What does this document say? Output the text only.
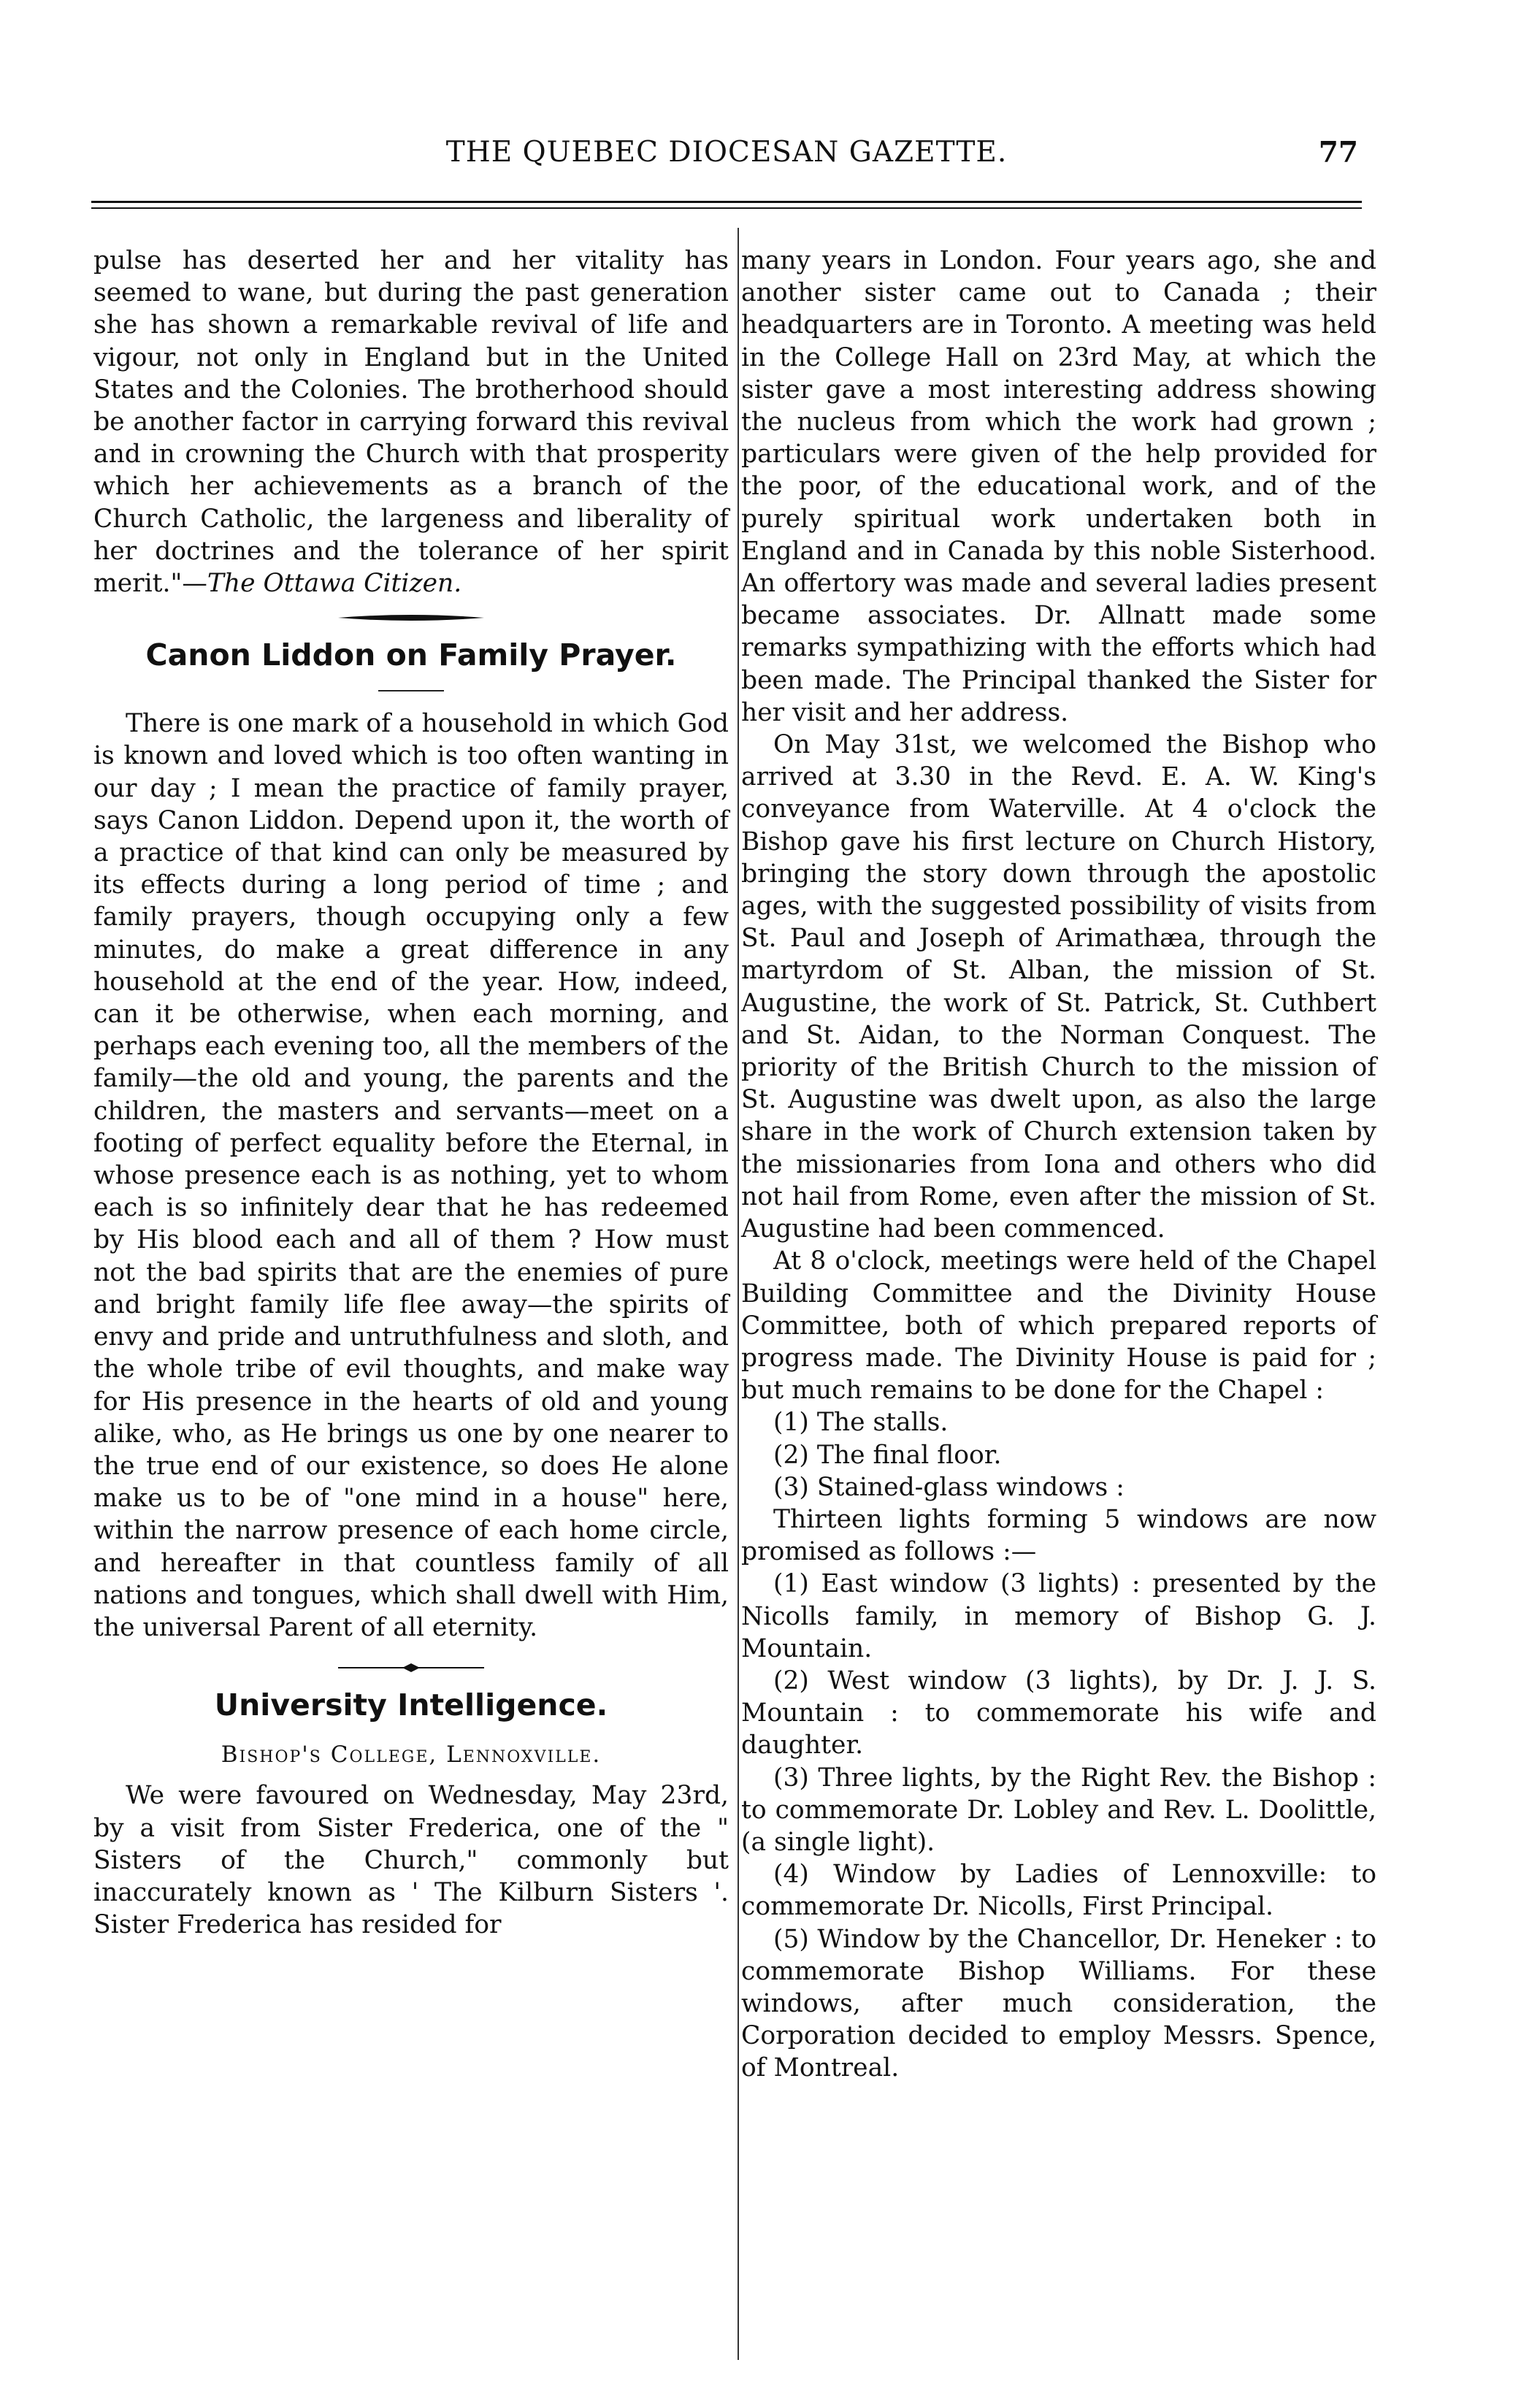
THE QUEBEC DIOCESAN GAZETTE.	77

pulse has deserted her and her vitality has seemed to wane, but during the past generation she has shown a remarkable revival of life and vigour, not only in England but in the United States and the Colonies. The brotherhood should be another factor in carrying forward this revival and in crowning the Church with that prosperity which her achievements as a branch of the Church Catholic, the largeness and liberality of her doctrines and the tolerance of her spirit merit."—The Ottawa Citizen.

Canon Liddon on Family Prayer.

There is one mark of a household in which God is known and loved which is too often wanting in our day ; I mean the practice of family prayer, says Canon Liddon. Depend upon it, the worth of a practice of that kind can only be measured by its effects during a long period of time ; and family prayers, though occupying only a few minutes, do make a great difference in any household at the end of the year. How, indeed, can it be otherwise, when each morning, and perhaps each evening too, all the members of the family—the old and young, the parents and the children, the masters and servants—meet on a footing of perfect equality before the Eternal, in whose presence each is as nothing, yet to whom each is so infinitely dear that he has redeemed by His blood each and all of them ? How must not the bad spirits that are the enemies of pure and bright family life flee away—the spirits of envy and pride and untruthfulness and sloth, and the whole tribe of evil thoughts, and make way for His presence in the hearts of old and young alike, who, as He brings us one by one nearer to the true end of our existence, so does He alone make us to be of "one mind in a house" here, within the narrow presence of each home circle, and hereafter in that countless family of all nations and tongues, which shall dwell with Him, the universal Parent of all eternity.

University Intelligence.
Bishop's College, Lennoxville.

We were favoured on Wednesday, May 23rd, by a visit from Sister Frederica, one of the " Sisters of the Church," commonly but inaccurately known as ' The Kilburn Sisters '. Sister Frederica has resided for

many years in London. Four years ago, she and another sister came out to Canada ; their headquarters are in Toronto. A meeting was held in the College Hall on 23rd May, at which the sister gave a most interesting address showing the nucleus from which the work had grown ; particulars were given of the help provided for the poor, of the educational work, and of the purely spiritual work undertaken both in England and in Canada by this noble Sisterhood. An offertory was made and several ladies present became associates. Dr. Allnatt made some remarks sympathizing with the efforts which had been made. The Principal thanked the Sister for her visit and her address.

On May 31st, we welcomed the Bishop who arrived at 3.30 in the Revd. E. A. W. King's conveyance from Waterville. At 4 o'clock the Bishop gave his first lecture on Church History, bringing the story down through the apostolic ages, with the suggested possibility of visits from St. Paul and Joseph of Arimathæa, through the martyrdom of St. Alban, the mission of St. Augustine, the work of St. Patrick, St. Cuthbert and St. Aidan, to the Norman Conquest. The priority of the British Church to the mission of St. Augustine was dwelt upon, as also the large share in the work of Church extension taken by the missionaries from Iona and others who did not hail from Rome, even after the mission of St. Augustine had been commenced.

At 8 o'clock, meetings were held of the Chapel Building Committee and the Divinity House Committee, both of which prepared reports of progress made. The Divinity House is paid for ; but much remains to be done for the Chapel :

(1) The stalls.
(2) The final floor.
(3) Stained-glass windows :

Thirteen lights forming 5 windows are now promised as follows :—

(1) East window (3 lights) : presented by the Nicolls family, in memory of Bishop G. J. Mountain.

(2) West window (3 lights), by Dr. J. J. S. Mountain : to commemorate his wife and daughter.

(3) Three lights, by the Right Rev. the Bishop : to commemorate Dr. Lobley and Rev. L. Doolittle, (a single light).

(4) Window by Ladies of Lennoxville: to commemorate Dr. Nicolls, First Principal.

(5) Window by the Chancellor, Dr. Heneker : to commemorate Bishop Williams. For these windows, after much consideration, the Corporation decided to employ Messrs. Spence, of Montreal.
